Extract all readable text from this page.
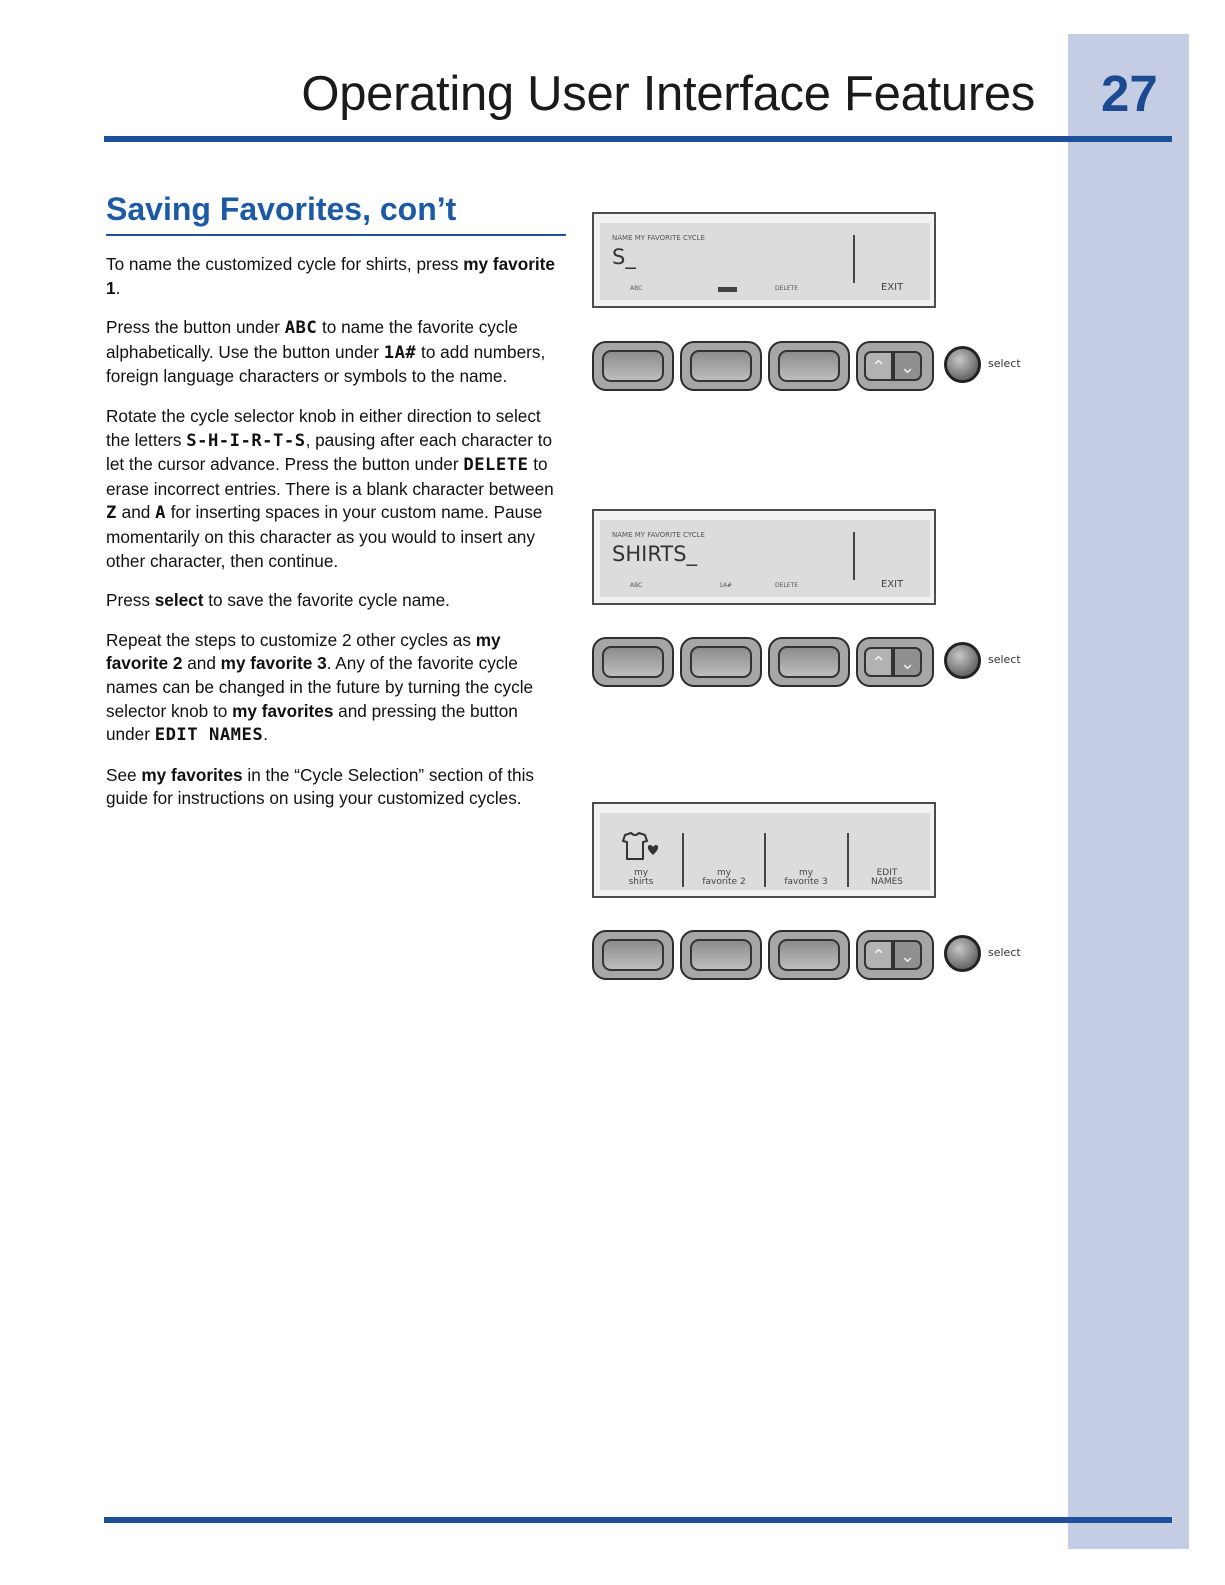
Operating User Interface Features 27
Saving Favorites, con’t

To name the customized cycle for shirts, press my favorite 1.

Press the button under ABC to name the favorite cycle alphabetically. Use the button under 1A# to add numbers, foreign language characters or symbols to the name.

Rotate the cycle selector knob in either direction to select the letters S-H-I-R-T-S, pausing after each character to let the cursor advance. Press the button under DELETE to erase incorrect entries. There is a blank character between Z and A for inserting spaces in your custom name. Pause momentarily on this character as you would to insert any other character, then continue.

Press select to save the favorite cycle name.

Repeat the steps to customize 2 other cycles as my favorite 2 and my favorite 3. Any of the favorite cycle names can be changed in the future by turning the cycle selector knob to my favorites and pressing the button under EDIT NAMES.

See my favorites in the “Cycle Selection” section of this guide for instructions on using your customized cycles.

NAME MY FAVORITE CYCLE
S_
ABC	DELETE	EXIT
⌃ ⌄	select
NAME MY FAVORITE CYCLE
SHIRTS_
ABC	1A#	DELETE	EXIT
⌃ ⌄	select
my
shirts
my
favorite 2
my
favorite 3
EDIT
NAMES
⌃ ⌄	select
